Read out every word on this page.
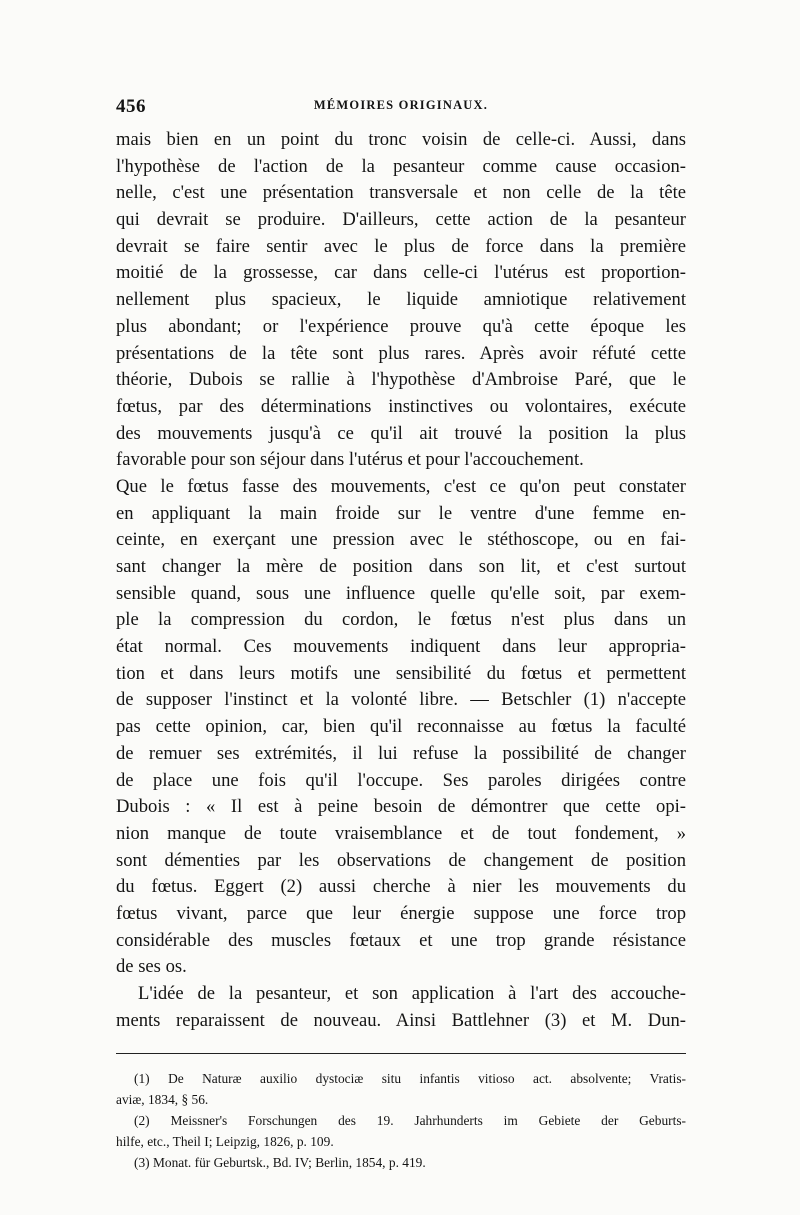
456	MÉMOIRES ORIGINAUX.
mais bien en un point du tronc voisin de celle-ci. Aussi, dans
l'hypothèse de l'action de la pesanteur comme cause occasion-
nelle, c'est une présentation transversale et non celle de la tête
qui devrait se produire. D'ailleurs, cette action de la pesanteur
devrait se faire sentir avec le plus de force dans la première
moitié de la grossesse, car dans celle-ci l'utérus est proportion-
nellement plus spacieux, le liquide amniotique relativement
plus abondant; or l'expérience prouve qu'à cette époque les
présentations de la tête sont plus rares. Après avoir réfuté cette
théorie, Dubois se rallie à l'hypothèse d'Ambroise Paré, que le
fœtus, par des déterminations instinctives ou volontaires, exécute
des mouvements jusqu'à ce qu'il ait trouvé la position la plus
favorable pour son séjour dans l'utérus et pour l'accouchement.
Que le fœtus fasse des mouvements, c'est ce qu'on peut constater
en appliquant la main froide sur le ventre d'une femme en-
ceinte, en exerçant une pression avec le stéthoscope, ou en fai-
sant changer la mère de position dans son lit, et c'est surtout
sensible quand, sous une influence quelle qu'elle soit, par exem-
ple la compression du cordon, le fœtus n'est plus dans un
état normal. Ces mouvements indiquent dans leur appropria-
tion et dans leurs motifs une sensibilité du fœtus et permettent
de supposer l'instinct et la volonté libre. — Betschler (1) n'accepte
pas cette opinion, car, bien qu'il reconnaisse au fœtus la faculté
de remuer ses extrémités, il lui refuse la possibilité de changer
de place une fois qu'il l'occupe. Ses paroles dirigées contre
Dubois : « Il est à peine besoin de démontrer que cette opi-
nion manque de toute vraisemblance et de tout fondement, »
sont démenties par les observations de changement de position
du fœtus. Eggert (2) aussi cherche à nier les mouvements du
fœtus vivant, parce que leur énergie suppose une force trop
considérable des muscles fœtaux et une trop grande résistance
de ses os.
L'idée de la pesanteur, et son application à l'art des accouche-
ments reparaissent de nouveau. Ainsi Battlehner (3) et M. Dun-
(1) De Naturæ auxilio dystociæ situ infantis vitioso act. absolvente; Vratis-
aviæ, 1834, § 56.
(2) Meissner's Forschungen des 19. Jahrhunderts im Gebiete der Geburts-
hilfe, etc., Theil I; Leipzig, 1826, p. 109.
(3) Monat. für Geburtsk., Bd. IV; Berlin, 1854, p. 419.
